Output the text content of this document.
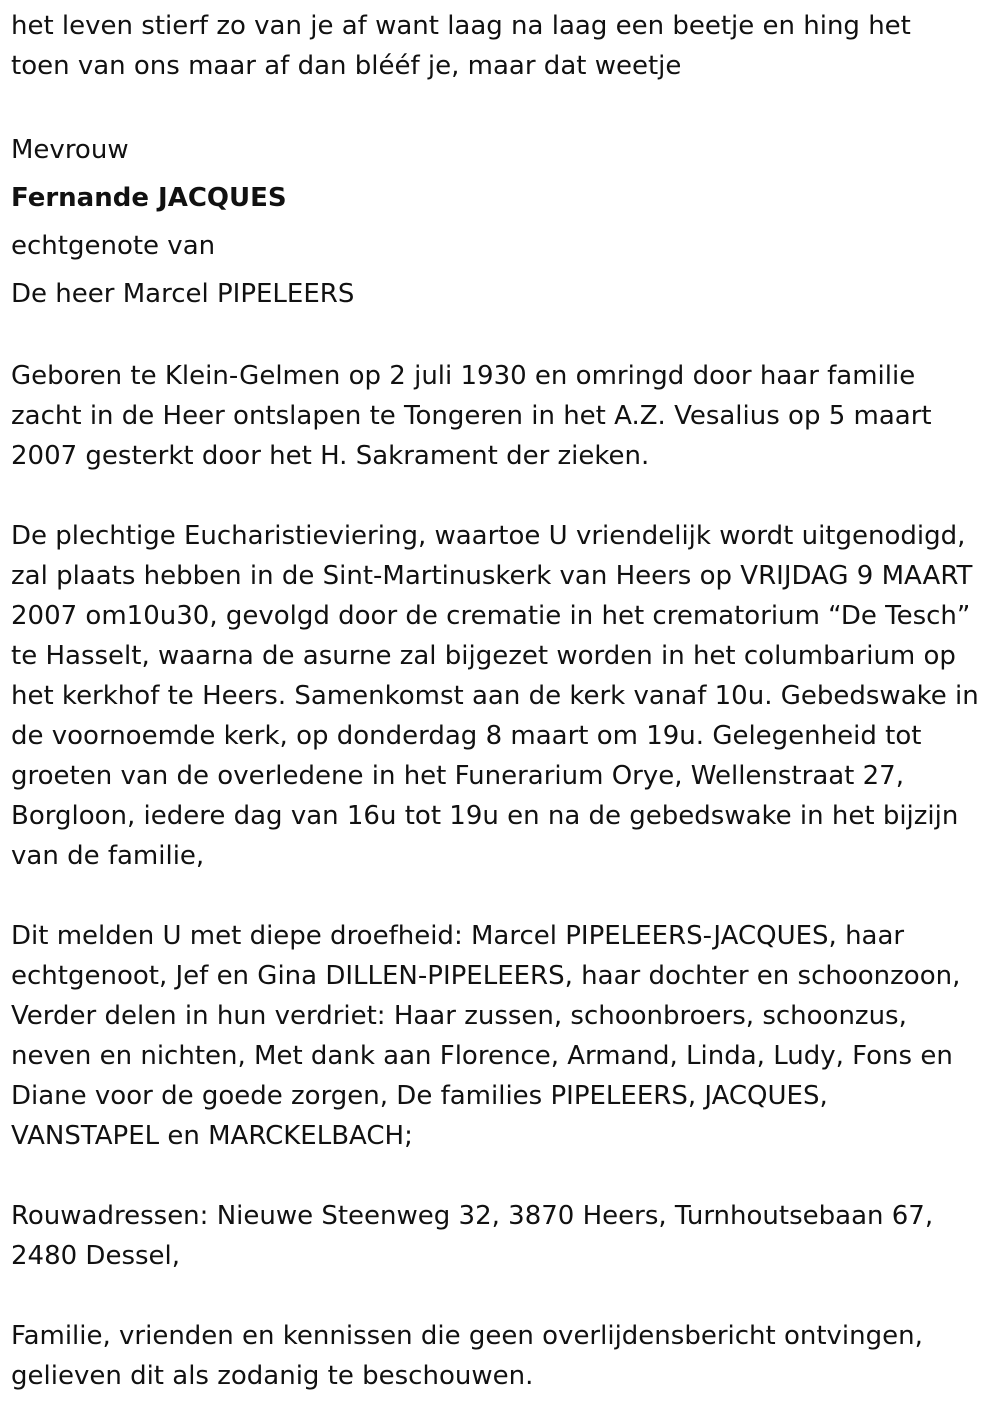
het leven stierf zo van je af want laag na laag een beetje en hing het
toen van ons maar af dan blééf je, maar dat weetje
Mevrouw
Fernande JACQUES
echtgenote van
De heer Marcel PIPELEERS
Geboren te Klein-Gelmen op 2 juli 1930 en omringd door haar familie
zacht in de Heer ontslapen te Tongeren in het A.Z. Vesalius op 5 maart
2007 gesterkt door het H. Sakrament der zieken.
De plechtige Eucharistieviering, waartoe U vriendelijk wordt uitgenodigd,
zal plaats hebben in de Sint-Martinuskerk van Heers op VRIJDAG 9 MAART
2007 om10u30, gevolgd door de crematie in het crematorium “De Tesch”
te Hasselt, waarna de asurne zal bijgezet worden in het columbarium op
het kerkhof te Heers. Samenkomst aan de kerk vanaf 10u. Gebedswake in
de voornoemde kerk, op donderdag 8 maart om 19u. Gelegenheid tot
groeten van de overledene in het Funerarium Orye, Wellenstraat 27,
Borgloon, iedere dag van 16u tot 19u en na de gebedswake in het bijzijn
van de familie,
Dit melden U met diepe droefheid: Marcel PIPELEERS-JACQUES, haar
echtgenoot, Jef en Gina DILLEN-PIPELEERS, haar dochter en schoonzoon,
Verder delen in hun verdriet: Haar zussen, schoonbroers, schoonzus,
neven en nichten, Met dank aan Florence, Armand, Linda, Ludy, Fons en
Diane voor de goede zorgen, De families PIPELEERS, JACQUES,
VANSTAPEL en MARCKELBACH;
Rouwadressen: Nieuwe Steenweg 32, 3870 Heers, Turnhoutsebaan 67,
2480 Dessel,
Familie, vrienden en kennissen die geen overlijdensbericht ontvingen,
gelieven dit als zodanig te beschouwen.
